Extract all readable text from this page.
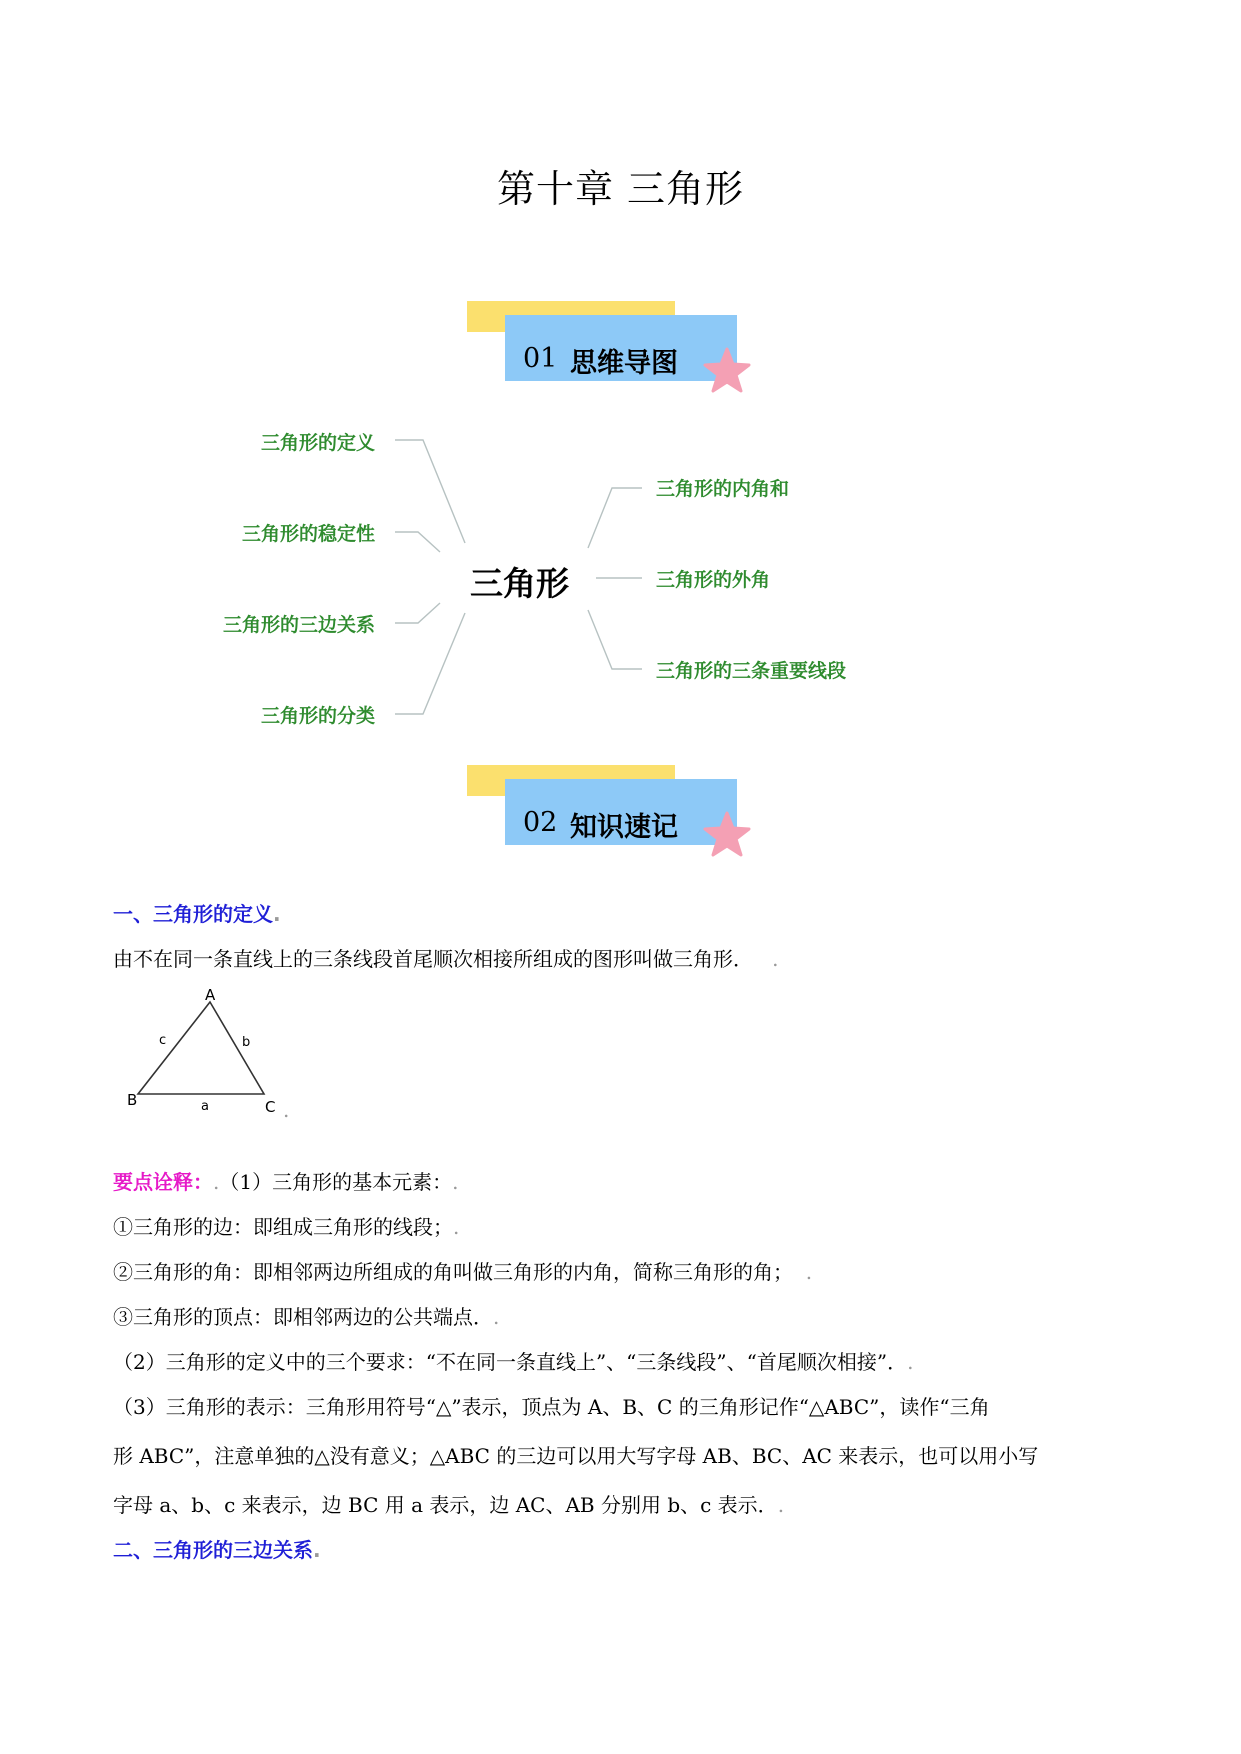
第十章 三角形
01 思维导图
三角形的定义
三角形的稳定性
三角形的三边关系
三角形的分类
三角形
三角形的内角和
三角形的外角
三角形的三条重要线段
02 知识速记
一、三角形的定义.
由不在同一条直线上的三条线段首尾顺次相接所组成的图形叫做三角形．   .
A
B	C
a
b
c
.
要点诠释：.（1）三角形的基本元素：.
①三角形的边：即组成三角形的线段；.
②三角形的角：即相邻两边所组成的角叫做三角形的内角，简称三角形的角；  .
③三角形的顶点：即相邻两边的公共端点．.
（2）三角形的定义中的三个要求：“不在同一条直线上”、“三条线段”、“首尾顺次相接”．.
（3）三角形的表示：三角形用符号“△”表示，顶点为 A、B、C 的三角形记作“△ABC”，读作“三角
形 ABC”，注意单独的△没有意义；△ABC 的三边可以用大写字母 AB、BC、AC 来表示，也可以用小写
字母 a、b、c 来表示，边 BC 用 a 表示，边 AC、AB 分别用 b、c 表示．.
二、三角形的三边关系.
